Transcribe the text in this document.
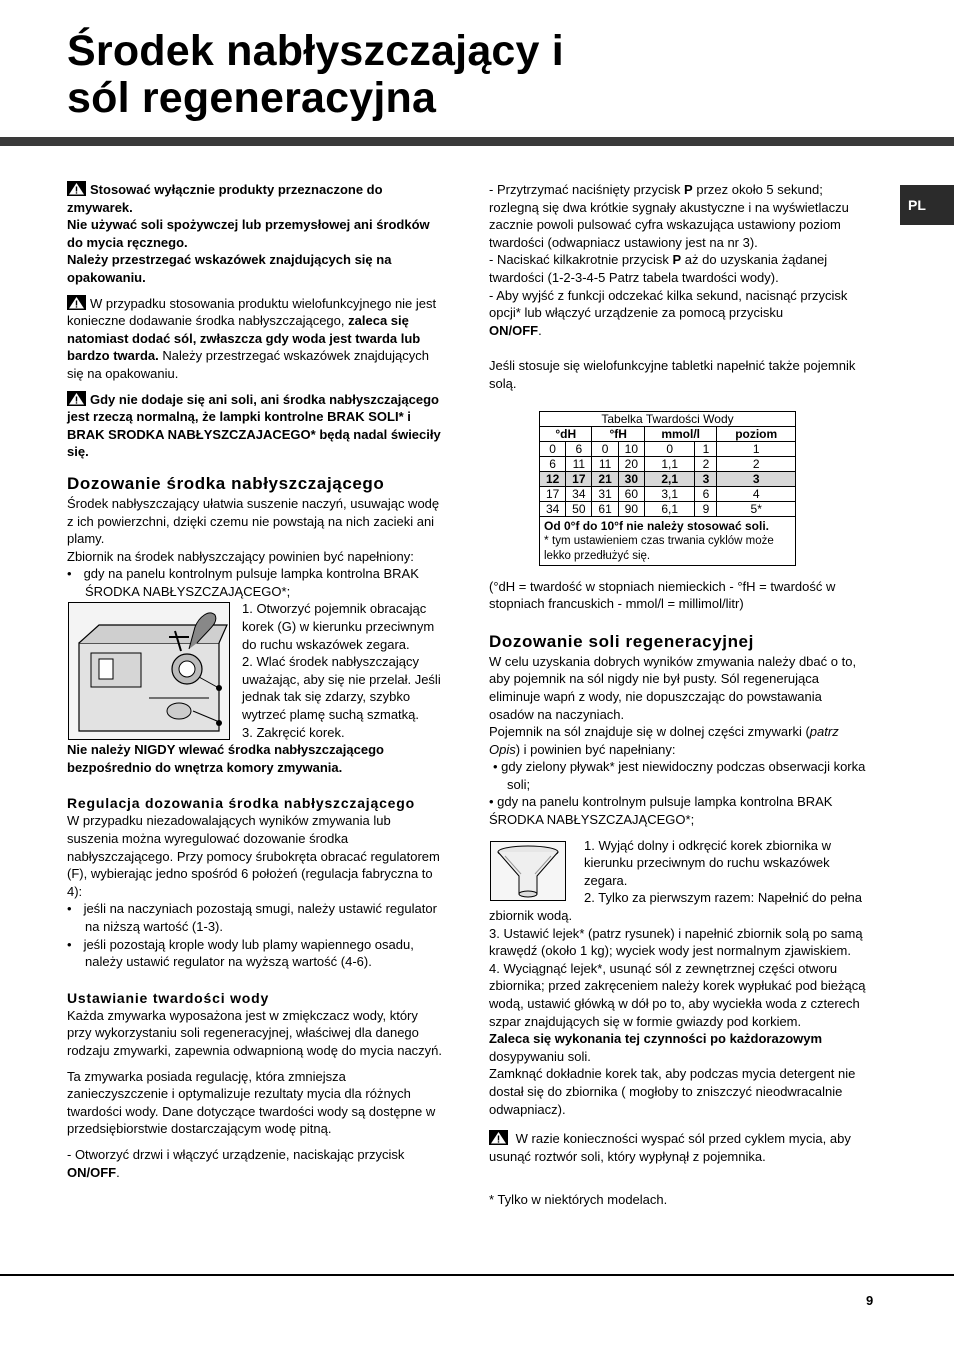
Środek nabłyszczający i
sól regeneracyjna
PL

Stosować wyłącznie produkty przeznaczone do zmywarek.
Nie używać soli spożywczej lub przemysłowej ani środków do mycia ręcznego.
Należy przestrzegać wskazówek znajdujących się na opakowaniu.

W przypadku stosowania produktu wielofunkcyjnego nie jest konieczne dodawanie środka nabłyszczającego, zaleca się natomiast dodać sól, zwłaszcza gdy woda jest twarda lub bardzo twarda. Należy przestrzegać wskazówek znajdujących się na opakowaniu.

Gdy nie dodaje się ani soli, ani środka nabłyszczającego jest rzeczą normalną, że lampki kontrolne BRAK SOLI* i BRAK SRODKA NABŁYSZCZAJACEGO* będą nadal świeciły się.

Dozowanie środka nabłyszczającego

Środek nabłyszczający ułatwia suszenie naczyń, usuwając wodę z ich powierzchni, dzięki czemu nie powstają na nich zacieki ani plamy.

Zbiornik na środek nabłyszczający powinien być napełniony:

• gdy na panelu kontrolnym pulsuje lampka kontrolna BRAK ŚRODKA NABŁYSZCZAJĄCEGO*;

1. Otworzyć pojemnik obracając korek (G) w kierunku przeciwnym do ruchu wskazówek zegara.

2. Wlać środek nabłyszczający uważając, aby się nie przelał. Jeśli jednak tak się zdarzy, szybko wytrzeć plamę suchą szmatką.

3. Zakręcić korek.

Nie należy NIGDY wlewać środka nabłyszczającego bezpośrednio do wnętrza komory zmywania.

Regulacja dozowania środka nabłyszczającego

W przypadku niezadowalających wyników zmywania lub suszenia można wyregulować dozowanie środka nabłyszczającego. Przy pomocy śrubokręta obracać regulatorem (F), wybierając jedno spośród 6 położeń (regulacja fabryczna to 4):

• jeśli na naczyniach pozostają smugi, należy ustawić regulator na niższą wartość (1-3).

• jeśli pozostają krople wody lub plamy wapiennego osadu, należy ustawić regulator na wyższą wartość (4-6).

Ustawianie twardości wody

Każda zmywarka wyposażona jest w zmiękczacz wody, który przy wykorzystaniu soli regeneracyjnej, właściwej dla danego rodzaju zmywarki, zapewnia odwapnioną wodę do mycia naczyń.

Ta zmywarka posiada regulację, która zmniejsza zanieczyszczenie i optymalizuje rezultaty mycia dla różnych twardości wody. Dane dotyczące twardości wody są dostępne w przedsiębiorstwie dostarczającym wodę pitną.

- Otworzyć drzwi i włączyć urządzenie, naciskając przycisk ON/OFF.

- Przytrzymać naciśnięty przycisk P przez około 5 sekund; rozlegną się dwa krótkie sygnały akustyczne i na wyświetlaczu zacznie powoli pulsować cyfra wskazująca ustawiony poziom twardości (odwapniacz ustawiony jest na nr 3).

- Naciskać kilkakrotnie przycisk P aż do uzyskania żądanej twardości (1-2-3-4-5 Patrz tabela twardości wody).

- Aby wyjść z funkcji odczekać kilka sekund, nacisnąć przycisk opcji* lub włączyć urządzenie za pomocą przycisku
ON/OFF.

Jeśli stosuje się wielofunkcyjne tabletki napełnić także pojemnik solą.

Tabelka Twardości Wody						
°dH		°fH		mmol/l		poziom
0	6	0	10	0	1	1
6	11	11	20	1,1	2	2
12	17	21	30	2,1	3	3
17	34	31	60	3,1	6	4
34	50	61	90	6,1	9	5*
Od 0°f do 10°f nie należy stosować soli.
* tym ustawieniem czas trwania cyklów może lekko przedłużyć się.						

(°dH = twardość w stopniach niemieckich - °fH = twardość w stopniach francuskich - mmol/l = millimol/litr)

Dozowanie soli regeneracyjnej

W celu uzyskania dobrych wyników zmywania należy dbać o to, aby pojemnik na sól nigdy nie był pusty. Sól regenerująca eliminuje wapń z wody, nie dopuszczając do powstawania osadów na naczyniach.

Pojemnik na sól znajduje się w dolnej części zmywarki (patrz Opis) i powinien być napełniany:

• gdy zielony pływak* jest niewidoczny podczas obserwacji korka soli;

• gdy na panelu kontrolnym pulsuje lampka kontrolna BRAK ŚRODKA NABŁYSZCZAJĄCEGO*;

1. Wyjąć dolny i odkręcić korek zbiornika w kierunku przeciwnym do ruchu wskazówek zegara.

2. Tylko za pierwszym razem: Napełnić do pełna zbiornik wodą.

3. Ustawić lejek* (patrz rysunek) i napełnić zbiornik solą po samą krawędź (około 1 kg); wyciek wody jest normalnym zjawiskiem.

4. Wyciągnąć lejek*, usunąć sól z zewnętrznej części otworu zbiornika; przed zakręceniem należy korek wypłukać pod bieżącą wodą, ustawić główką w dół po to, aby wyciekła woda z czterech szpar znajdujących się w formie gwiazdy pod korkiem.

Zaleca się wykonania tej czynności po każdorazowym

dosypywaniu soli.

Zamknąć dokładnie korek tak, aby podczas mycia detergent nie dostał się do zbiornika ( mogłoby to zniszczyć nieodwracalnie odwapniacz).

W razie konieczności wyspać sól przed cyklem mycia, aby usunąć roztwór soli, który wypłynął z pojemnika.

* Tylko w niektórych modelach.

9
